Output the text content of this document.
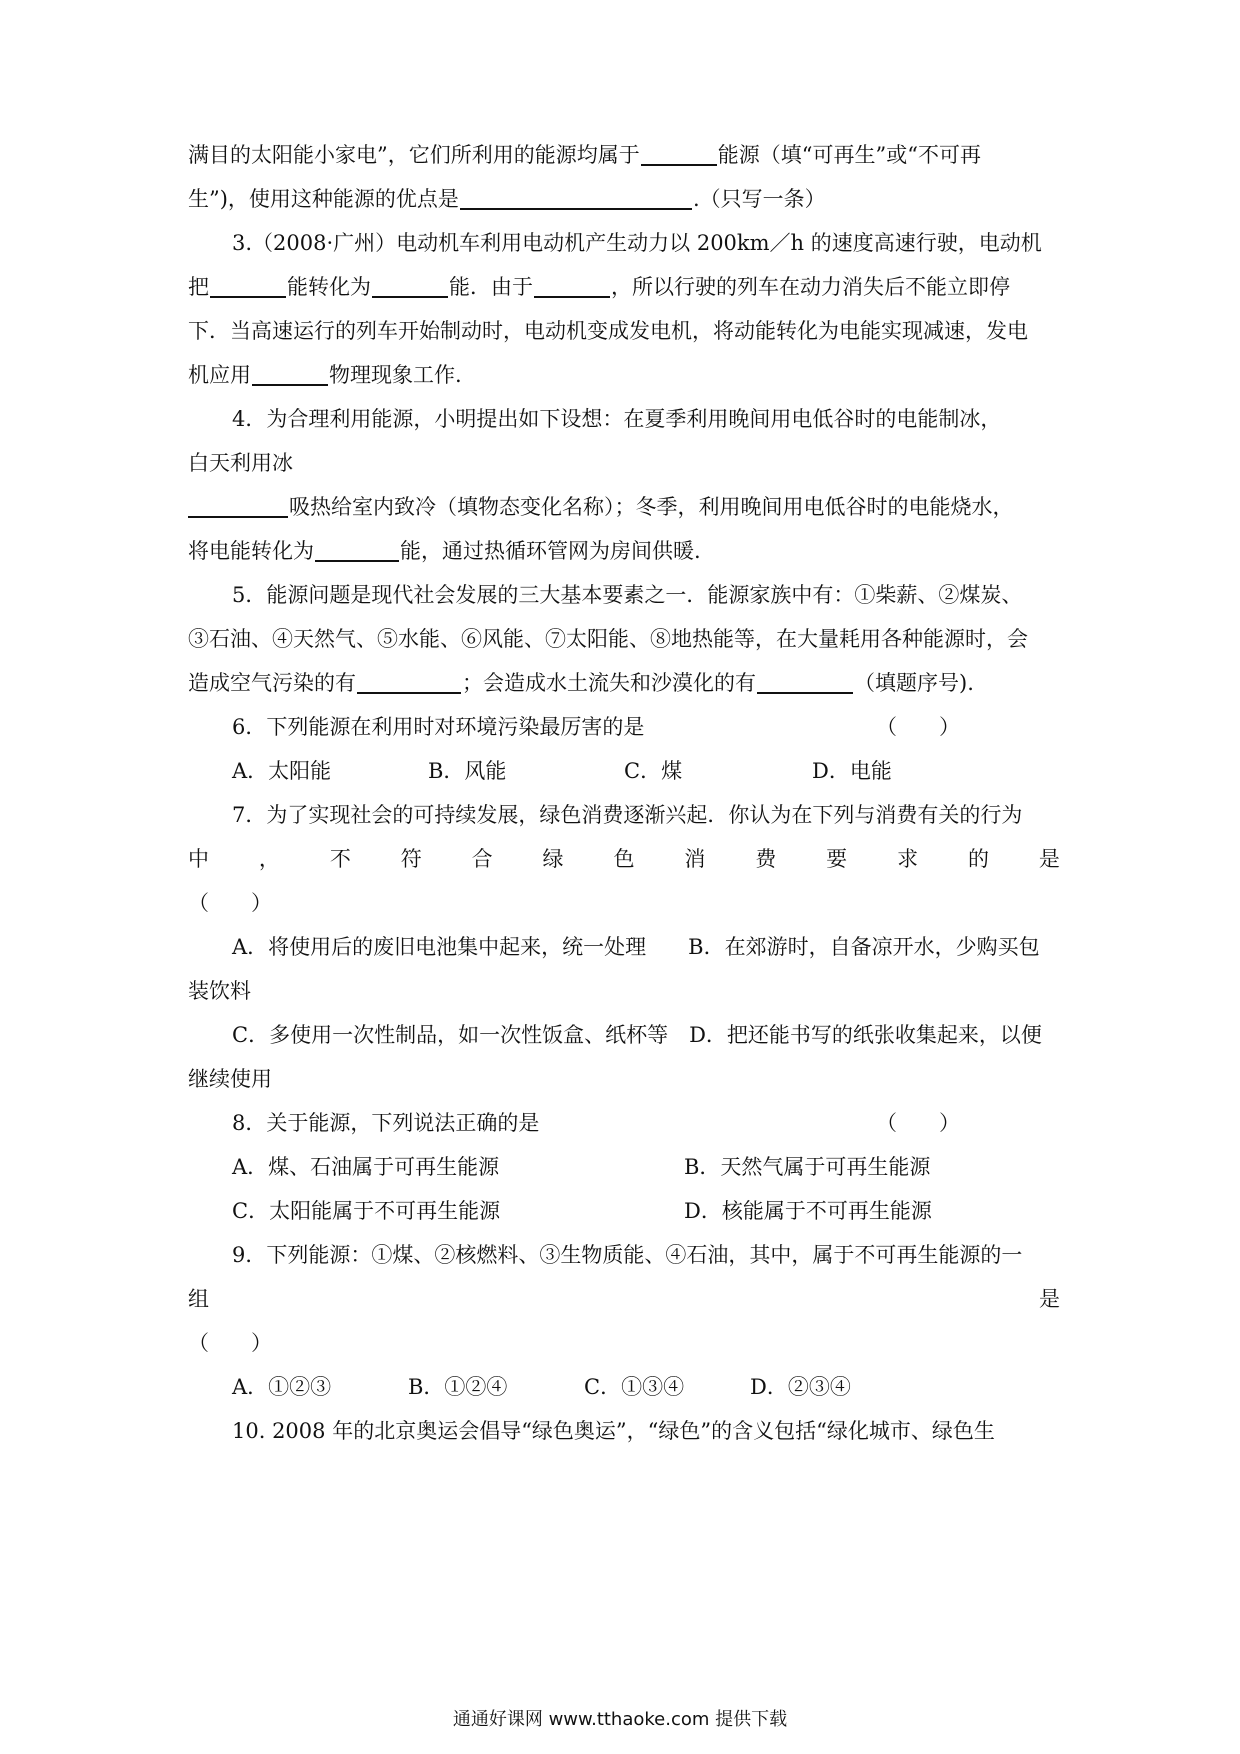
满目的太阳能小家电”，它们所利用的能源均属于	能源（填“可再生”或“不可再
生”)，使用这种能源的优点是	.（只写一条）
3.（2008·广州）电动机车利用电动机产生动力以 200km／h 的速度高速行驶，电动机
把	能转化为	能．由于	，所以行驶的列车在动力消失后不能立即停
下．当高速运行的列车开始制动时，电动机变成发电机，将动能转化为电能实现减速，发电
机应用	物理现象工作.
4．为合理利用能源，小明提出如下设想：在夏季利用晚间用电低谷时的电能制冰，
白天利用冰
吸热给室内致冷（填物态变化名称）；冬季，利用晚间用电低谷时的电能烧水，
将电能转化为	能，通过热循环管网为房间供暖.
5．能源问题是现代社会发展的三大基本要素之一．能源家族中有：①柴薪、②煤炭、
③石油、④天然气、⑤水能、⑥风能、⑦太阳能、⑧地热能等，在大量耗用各种能源时，会
造成空气污染的有	；会造成水土流失和沙漠化的有	（填题序号).
6．下列能源在利用时对环境污染最厉害的是	（　　）
A．太阳能	B．风能	C．煤	D．电能
7．为了实现社会的可持续发展，绿色消费逐渐兴起．你认为在下列与消费有关的行为
中 ， 不 符 合 绿 色 消 费 要 求 的 是
（　　）
A．将使用后的废旧电池集中起来，统一处理　　B．在郊游时，自备凉开水，少购买包
装饮料
C．多使用一次性制品，如一次性饭盒、纸杯等　D．把还能书写的纸张收集起来，以便
继续使用
8．关于能源，下列说法正确的是	（　　）
A．煤、石油属于可再生能源	B．天然气属于可再生能源
C．太阳能属于不可再生能源	D．核能属于不可再生能源
9．下列能源：①煤、②核燃料、③生物质能、④石油，其中，属于不可再生能源的一
组	是
（　　）
A．①②③	B．①②④	C．①③④	D．②③④
10. 2008 年的北京奥运会倡导“绿色奥运”，“绿色”的含义包括“绿化城市、绿色生
通通好课网 www.tthaoke.com 提供下载
